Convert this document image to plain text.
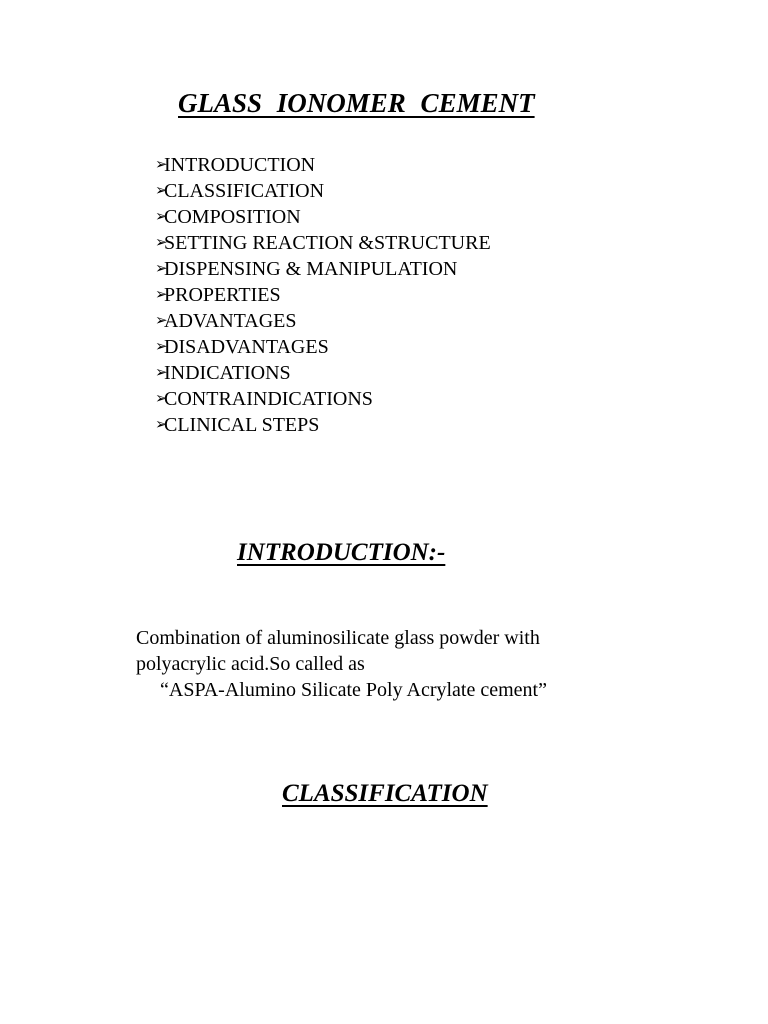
GLASS IONOMER CEMENT
➢
INTRODUCTION
➢
CLASSIFICATION
➢
COMPOSITION
➢
SETTING REACTION &STRUCTURE
➢
DISPENSING & MANIPULATION
➢
PROPERTIES
➢
ADVANTAGES
➢
DISADVANTAGES
➢
INDICATIONS
➢
CONTRAINDICATIONS
➢
CLINICAL STEPS
INTRODUCTION:-

Combination of aluminosilicate glass powder with
polyacrylic acid.So called as
“ASPA-Alumino Silicate Poly Acrylate cement”

CLASSIFICATION
